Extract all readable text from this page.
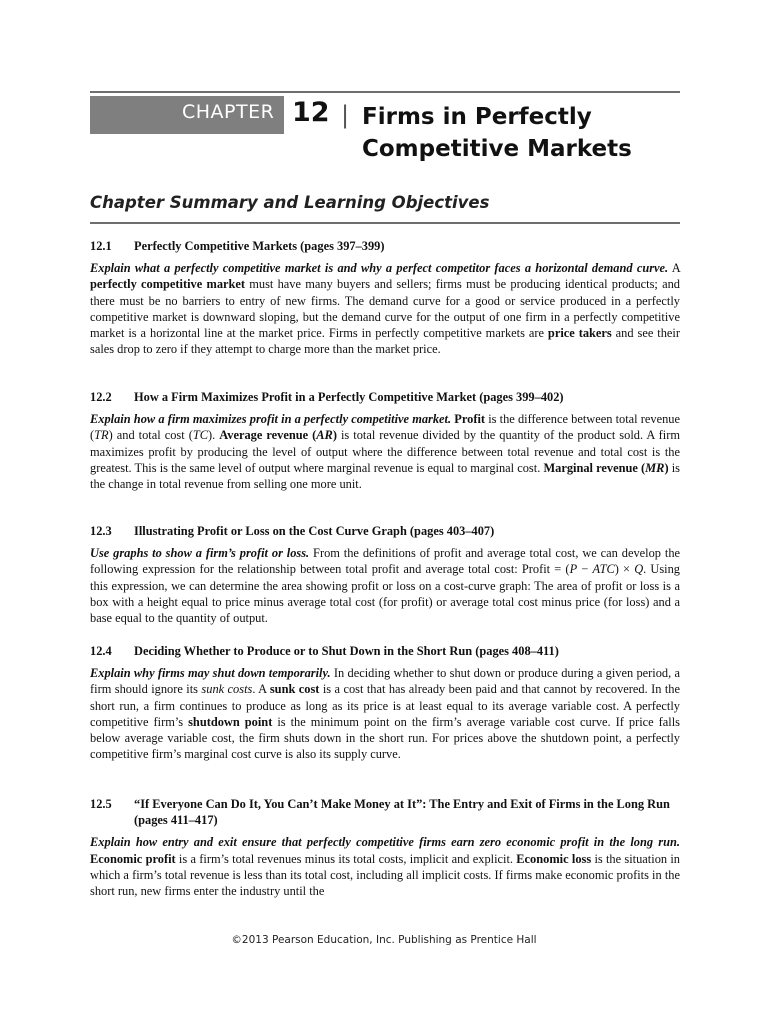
CHAPTER 12 | Firms in Perfectly Competitive Markets
Chapter Summary and Learning Objectives
12.1	Perfectly Competitive Markets (pages 397–399)
Explain what a perfectly competitive market is and why a perfect competitor faces a horizontal demand curve. A perfectly competitive market must have many buyers and sellers; firms must be producing identical products; and there must be no barriers to entry of new firms. The demand curve for a good or service produced in a perfectly competitive market is downward sloping, but the demand curve for the output of one firm in a perfectly competitive market is a horizontal line at the market price. Firms in perfectly competitive markets are price takers and see their sales drop to zero if they attempt to charge more than the market price.
12.2	How a Firm Maximizes Profit in a Perfectly Competitive Market (pages 399–402)
Explain how a firm maximizes profit in a perfectly competitive market. Profit is the difference between total revenue (TR) and total cost (TC). Average revenue (AR) is total revenue divided by the quantity of the product sold. A firm maximizes profit by producing the level of output where the difference between total revenue and total cost is the greatest. This is the same level of output where marginal revenue is equal to marginal cost. Marginal revenue (MR) is the change in total revenue from selling one more unit.
12.3	Illustrating Profit or Loss on the Cost Curve Graph (pages 403–407)
Use graphs to show a firm’s profit or loss. From the definitions of profit and average total cost, we can develop the following expression for the relationship between total profit and average total cost: Profit = (P − ATC) × Q. Using this expression, we can determine the area showing profit or loss on a cost-curve graph: The area of profit or loss is a box with a height equal to price minus average total cost (for profit) or average total cost minus price (for loss) and a base equal to the quantity of output.
12.4	Deciding Whether to Produce or to Shut Down in the Short Run (pages 408–411)
Explain why firms may shut down temporarily. In deciding whether to shut down or produce during a given period, a firm should ignore its sunk costs. A sunk cost is a cost that has already been paid and that cannot by recovered. In the short run, a firm continues to produce as long as its price is at least equal to its average variable cost. A perfectly competitive firm’s shutdown point is the minimum point on the firm’s average variable cost curve. If price falls below average variable cost, the firm shuts down in the short run. For prices above the shutdown point, a perfectly competitive firm’s marginal cost curve is also its supply curve.
12.5	“If Everyone Can Do It, You Can’t Make Money at It”: The Entry and Exit of Firms in the Long Run (pages 411–417)
Explain how entry and exit ensure that perfectly competitive firms earn zero economic profit in the long run. Economic profit is a firm’s total revenues minus its total costs, implicit and explicit. Economic loss is the situation in which a firm’s total revenue is less than its total cost, including all implicit costs. If firms make economic profits in the short run, new firms enter the industry until the
©2013 Pearson Education, Inc. Publishing as Prentice Hall
